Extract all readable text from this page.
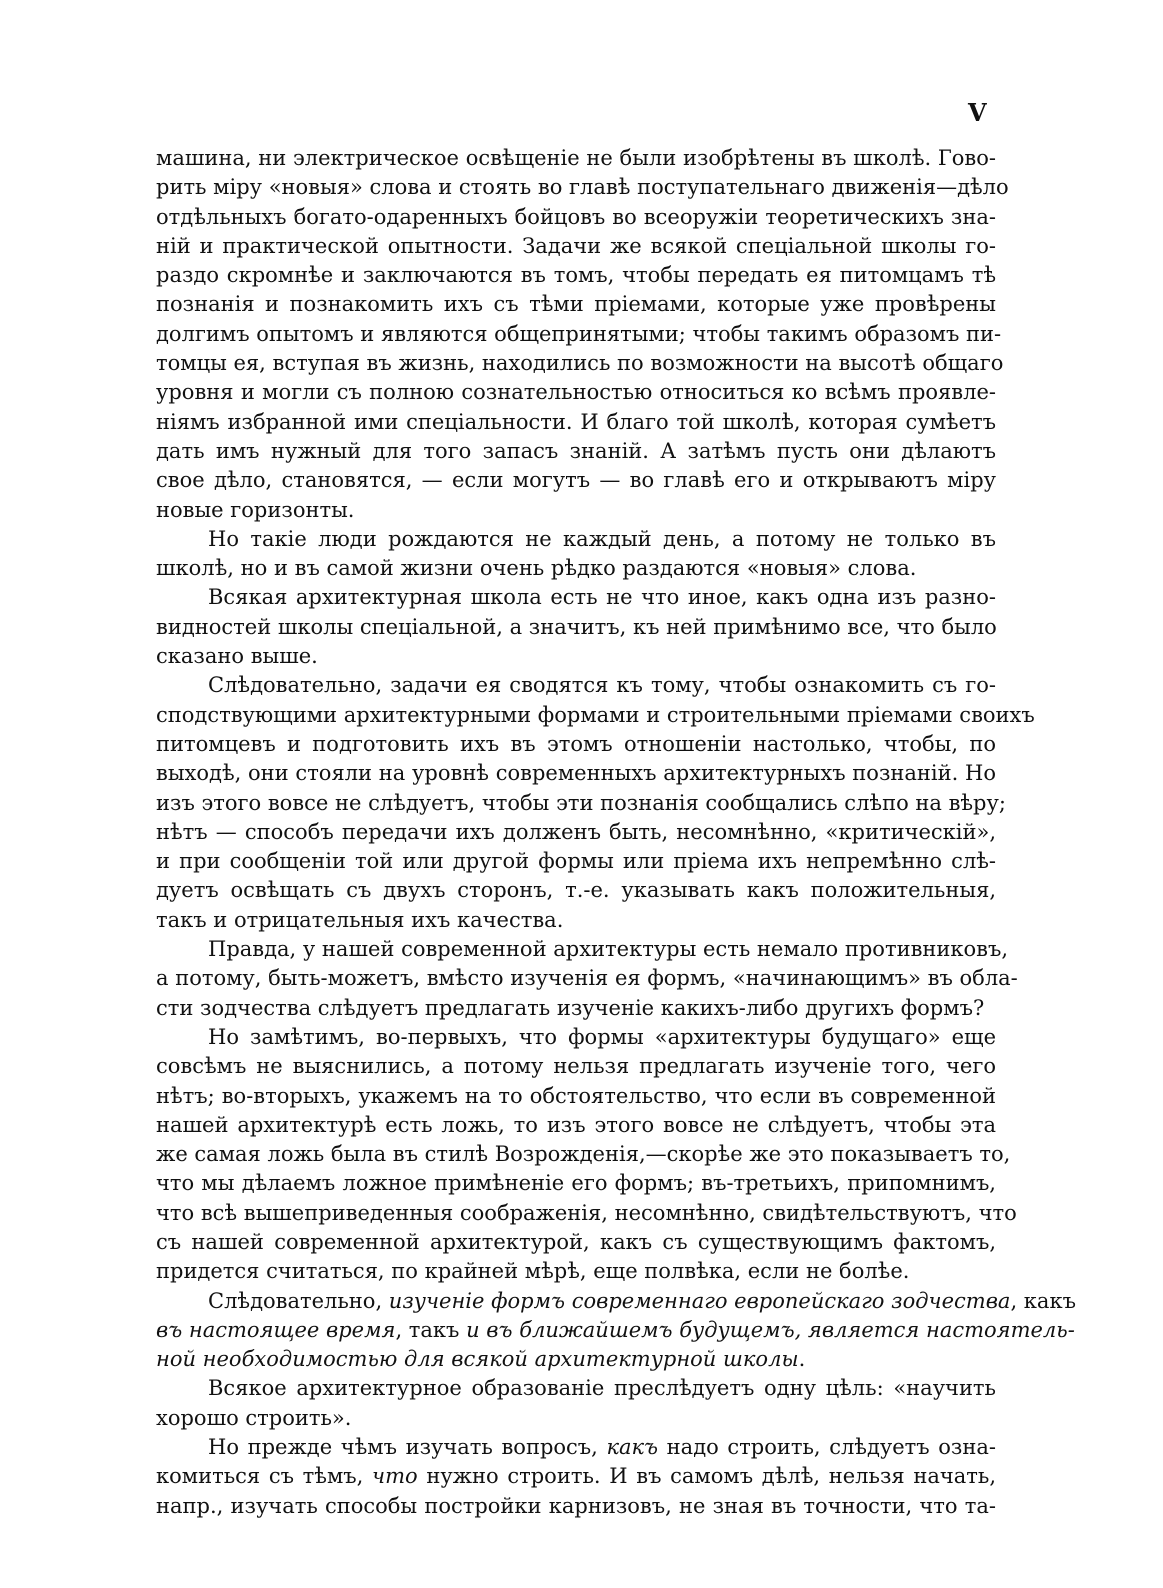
V
машина, ни электрическое освѣщеніе не были изобрѣтены въ школѣ. Гово-
рить міру «новыя» слова и стоять во главѣ поступательнаго движенія—дѣло
отдѣльныхъ богато-одаренныхъ бойцовъ во всеоружіи теоретическихъ зна-
ній и практической опытности. Задачи же всякой спеціальной школы го-
раздо скромнѣе и заключаются въ томъ, чтобы передать ея питомцамъ тѣ
познанія и познакомить ихъ съ тѣми пріемами, которые уже провѣрены
долгимъ опытомъ и являются общепринятыми; чтобы такимъ образомъ пи-
томцы ея, вступая въ жизнь, находились по возможности на высотѣ общаго
уровня и могли съ полною сознательностью относиться ко всѣмъ проявле-
ніямъ избранной ими спеціальности. И благо той школѣ, которая сумѣетъ
дать имъ нужный для того запасъ знаній. А затѣмъ пусть они дѣлаютъ
свое дѣло, становятся, — если могутъ — во главѣ его и открываютъ міру
новые горизонты.
Но такіе люди рождаются не каждый день, а потому не только въ
школѣ, но и въ самой жизни очень рѣдко раздаются «новыя» слова.
Всякая архитектурная школа есть не что иное, какъ одна изъ разно-
видностей школы спеціальной, а значитъ, къ ней примѣнимо все, что было
сказано выше.
Слѣдовательно, задачи ея сводятся къ тому, чтобы ознакомить съ го-
сподствующими архитектурными формами и строительными пріемами своихъ
питомцевъ и подготовить ихъ въ этомъ отношеніи настолько, чтобы, по
выходѣ, они стояли на уровнѣ современныхъ архитектурныхъ познаній. Но
изъ этого вовсе не слѣдуетъ, чтобы эти познанія сообщались слѣпо на вѣру;
нѣтъ — способъ передачи ихъ долженъ быть, несомнѣнно, «критическій»,
и при сообщеніи той или другой формы или пріема ихъ непремѣнно слѣ-
дуетъ освѣщать съ двухъ сторонъ, т.-е. указывать какъ положительныя,
такъ и отрицательныя ихъ качества.
Правда, у нашей современной архитектуры есть немало противниковъ,
а потому, быть-можетъ, вмѣсто изученія ея формъ, «начинающимъ» въ обла-
сти зодчества слѣдуетъ предлагать изученіе какихъ-либо другихъ формъ?
Но замѣтимъ, во-первыхъ, что формы «архитектуры будущаго» еще
совсѣмъ не выяснились, а потому нельзя предлагать изученіе того, чего
нѣтъ; во-вторыхъ, укажемъ на то обстоятельство, что если въ современной
нашей архитектурѣ есть ложь, то изъ этого вовсе не слѣдуетъ, чтобы эта
же самая ложь была въ стилѣ Возрожденія,—скорѣе же это показываетъ то,
что мы дѣлаемъ ложное примѣненіе его формъ; въ-третьихъ, припомнимъ,
что всѣ вышеприведенныя соображенія, несомнѣнно, свидѣтельствуютъ, что
съ нашей современной архитектурой, какъ съ существующимъ фактомъ,
придется считаться, по крайней мѣрѣ, еще полвѣка, если не болѣе.
Слѣдовательно, изученіе формъ современнаго европейскаго зодчества, какъ
въ настоящее время, такъ и въ ближайшемъ будущемъ, является настоятель-
ной необходимостью для всякой архитектурной школы.
Всякое архитектурное образованіе преслѣдуетъ одну цѣль: «научить
хорошо строить».
Но прежде чѣмъ изучать вопросъ, какъ надо строить, слѣдуетъ озна-
комиться съ тѣмъ, что нужно строить. И въ самомъ дѣлѣ, нельзя начать,
напр., изучать способы постройки карнизовъ, не зная въ точности, что та-
